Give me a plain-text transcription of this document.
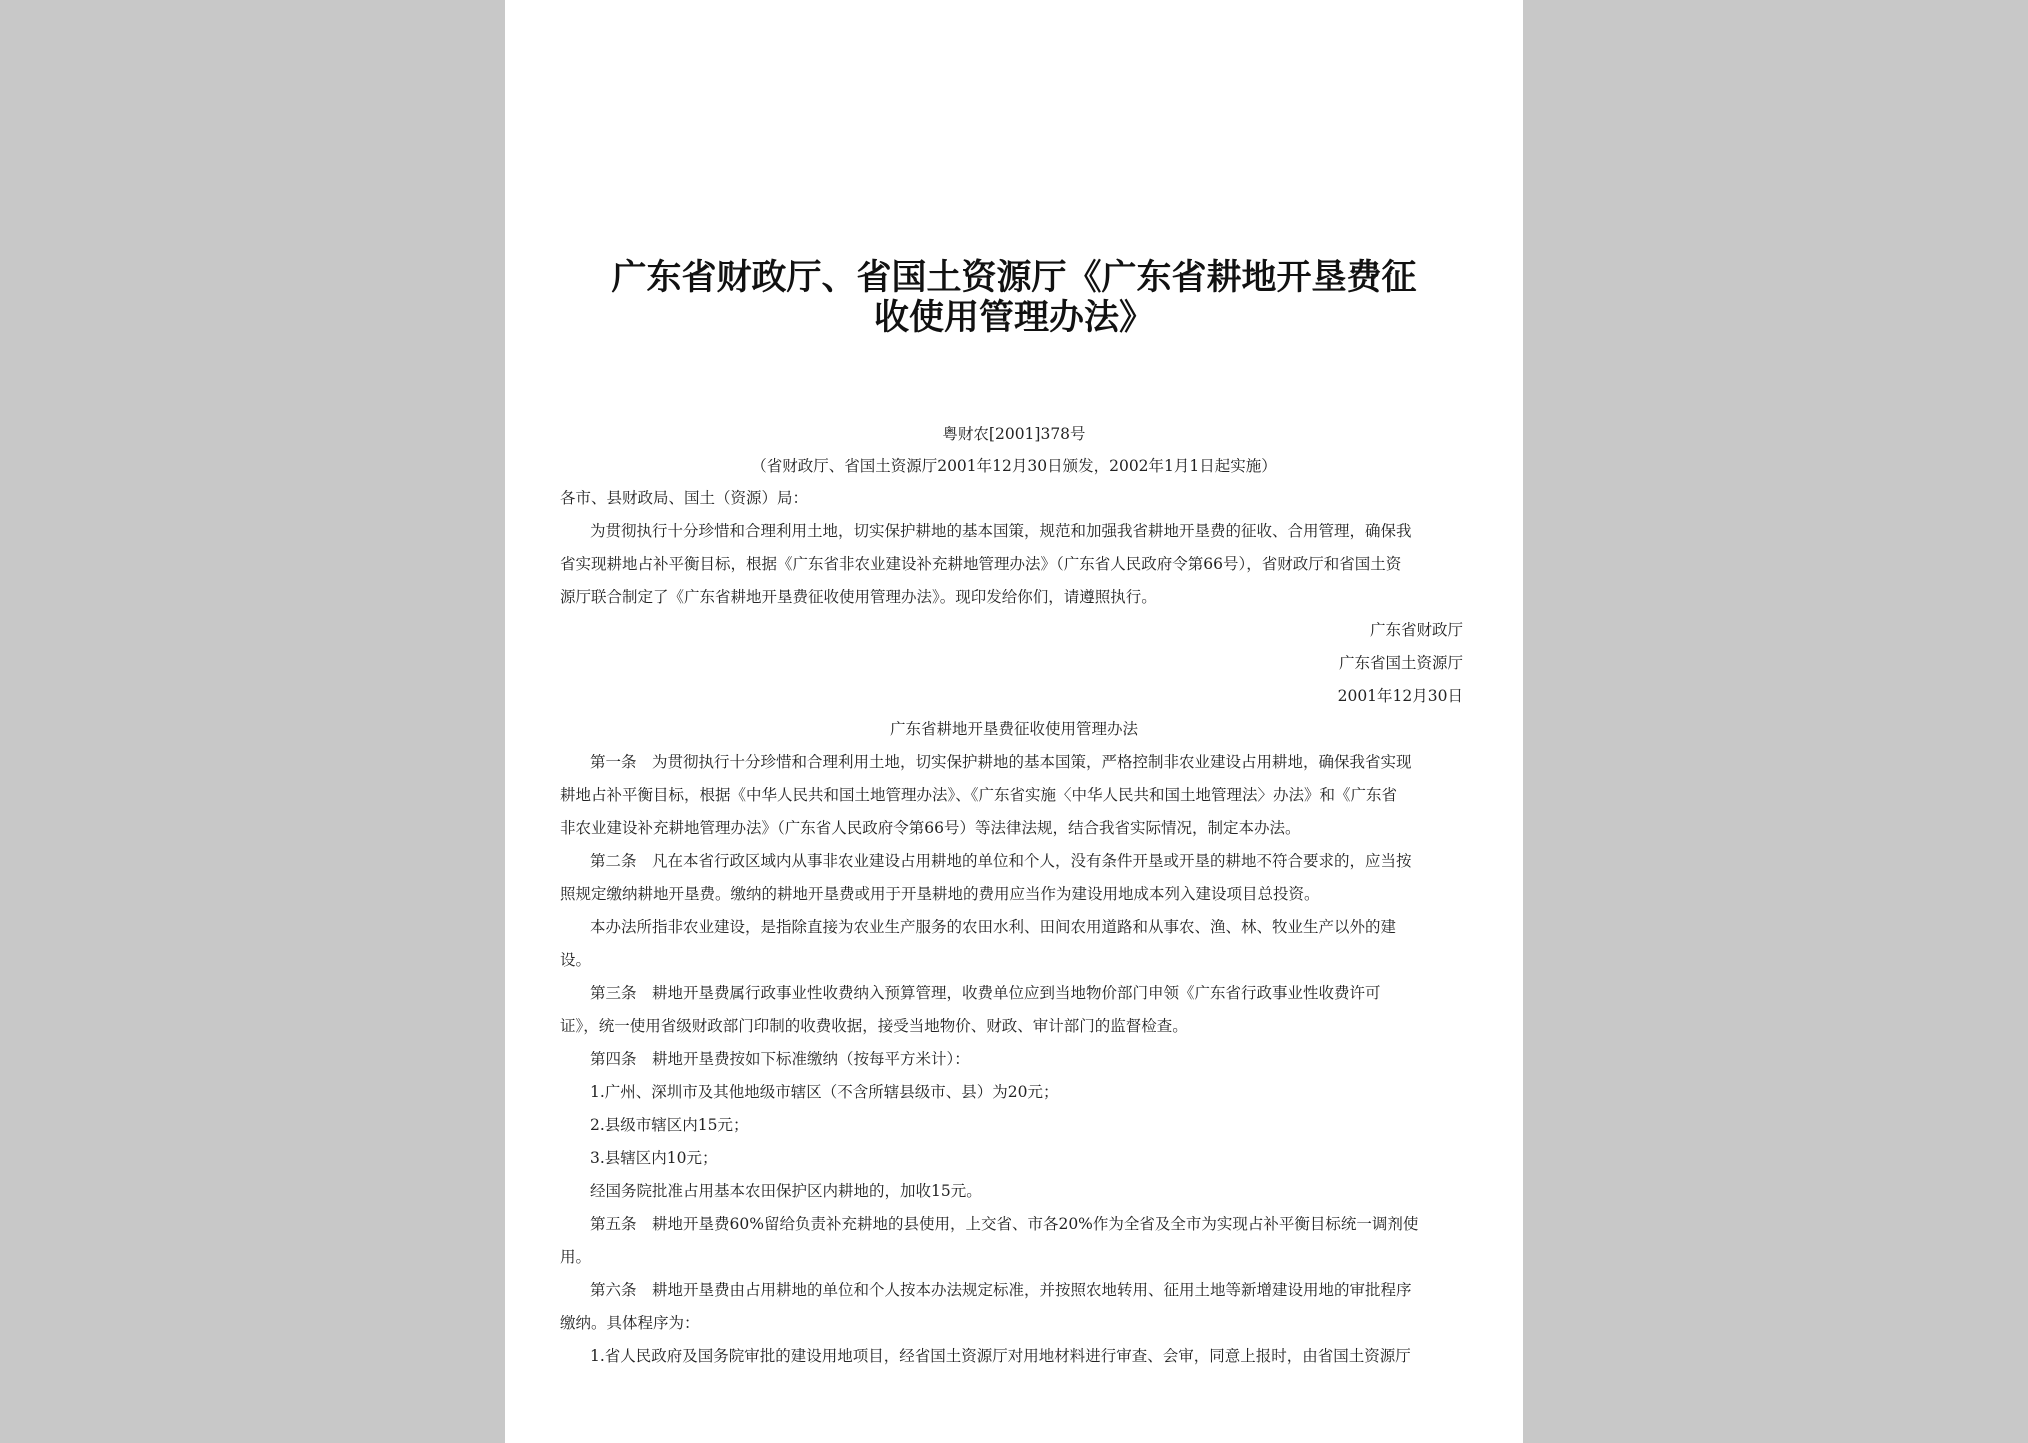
广东省财政厅、省国土资源厅《广东省耕地开垦费征
收使用管理办法》
粤财农[2001]378号
（省财政厅、省国土资源厅2001年12月30日颁发，2002年1月1日起实施）
各市、县财政局、国土（资源）局：
为贯彻执行十分珍惜和合理利用土地，切实保护耕地的基本国策，规范和加强我省耕地开垦费的征收、合用管理，确保我
省实现耕地占补平衡目标，根据《广东省非农业建设补充耕地管理办法》（广东省人民政府令第66号），省财政厅和省国土资
源厅联合制定了《广东省耕地开垦费征收使用管理办法》。现印发给你们，请遵照执行。
广东省财政厅
广东省国土资源厅
2001年12月30日
广东省耕地开垦费征收使用管理办法
第一条　为贯彻执行十分珍惜和合理利用土地，切实保护耕地的基本国策，严格控制非农业建设占用耕地，确保我省实现
耕地占补平衡目标，根据《中华人民共和国土地管理办法》、《广东省实施〈中华人民共和国土地管理法〉办法》和《广东省
非农业建设补充耕地管理办法》（广东省人民政府令第66号）等法律法规，结合我省实际情况，制定本办法。
第二条　凡在本省行政区域内从事非农业建设占用耕地的单位和个人，没有条件开垦或开垦的耕地不符合要求的，应当按
照规定缴纳耕地开垦费。缴纳的耕地开垦费或用于开垦耕地的费用应当作为建设用地成本列入建设项目总投资。
本办法所指非农业建设，是指除直接为农业生产服务的农田水利、田间农用道路和从事农、渔、林、牧业生产以外的建
设。
第三条　耕地开垦费属行政事业性收费纳入预算管理，收费单位应到当地物价部门申领《广东省行政事业性收费许可
证》，统一使用省级财政部门印制的收费收据，接受当地物价、财政、审计部门的监督检查。
第四条　耕地开垦费按如下标准缴纳（按每平方米计）：
1.广州、深圳市及其他地级市辖区（不含所辖县级市、县）为20元；
2.县级市辖区内15元；
3.县辖区内10元；
经国务院批准占用基本农田保护区内耕地的，加收15元。
第五条　耕地开垦费60%留给负责补充耕地的县使用，上交省、市各20%作为全省及全市为实现占补平衡目标统一调剂使
用。
第六条　耕地开垦费由占用耕地的单位和个人按本办法规定标准，并按照农地转用、征用土地等新增建设用地的审批程序
缴纳。具体程序为：
1.省人民政府及国务院审批的建设用地项目，经省国土资源厅对用地材料进行审查、会审，同意上报时，由省国土资源厅
